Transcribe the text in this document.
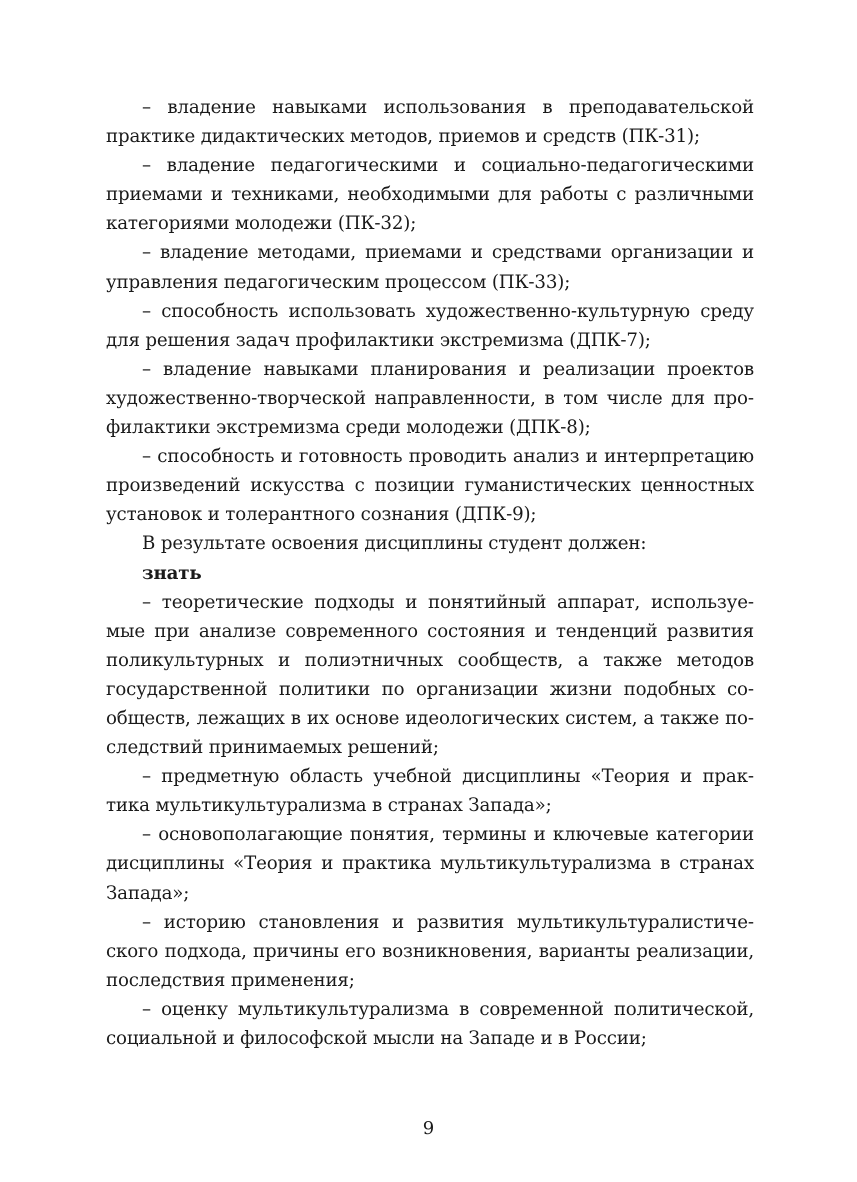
– владение навыками использования в преподавательской практике дидактических методов, приемов и средств (ПК-31);

– владение педагогическими и социально-педагогическими приемами и техниками, необходимыми для работы с различными категориями молодежи (ПК-32);

– владение методами, приемами и средствами организации и управления педагогическим процессом (ПК-33);

– способность использовать художественно-культурную среду для решения задач профилактики экстремизма (ДПК-7);

– владение навыками планирования и реализации проектов художественно-творческой направленности, в том числе для профилактики экстремизма среди молодежи (ДПК-8);

– способность и готовность проводить анализ и интерпретацию произведений искусства с позиции гуманистических ценностных установок и толерантного сознания (ДПК-9);

В результате освоения дисциплины студент должен:

знать

– теоретические подходы и понятийный аппарат, используемые при анализе современного состояния и тенденций развития поликультурных и полиэтничных сообществ, а также методов государственной политики по организации жизни подобных сообществ, лежащих в их основе идеологических систем, а также последствий принимаемых решений;

– предметную область учебной дисциплины «Теория и практика мультикультурализма в странах Запада»;

– основополагающие понятия, термины и ключевые категории дисциплины «Теория и практика мультикультурализма в странах Запада»;

– историю становления и развития мультикультуралистического подхода, причины его возникновения, варианты реализации, последствия применения;

– оценку мультикультурализма в современной политической, социальной и философской мысли на Западе и в России;

9
